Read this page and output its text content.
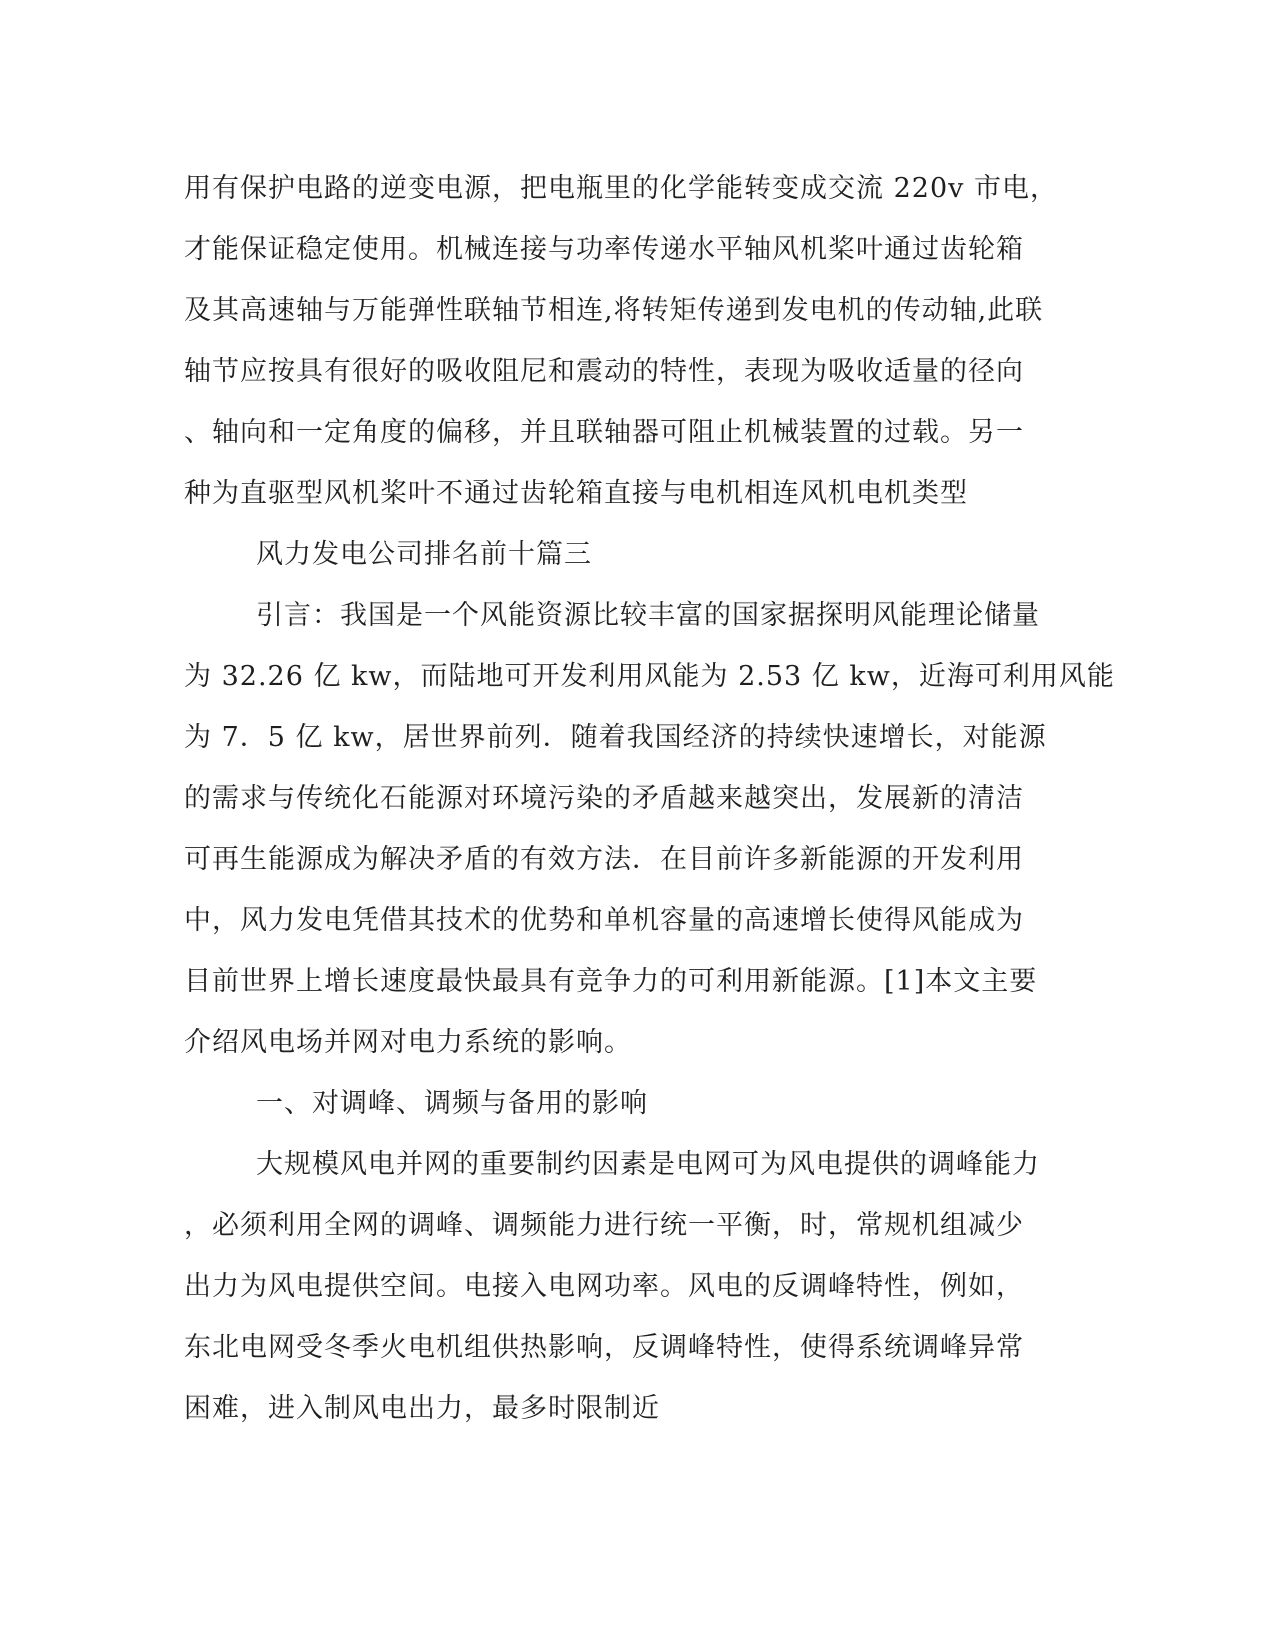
用有保护电路的逆变电源，把电瓶里的化学能转变成交流 220v 市电，
才能保证稳定使用。机械连接与功率传递水平轴风机桨叶通过齿轮箱
及其高速轴与万能弹性联轴节相连,将转矩传递到发电机的传动轴,此联
轴节应按具有很好的吸收阻尼和震动的特性，表现为吸收适量的径向
、轴向和一定角度的偏移，并且联轴器可阻止机械装置的过载。另一
种为直驱型风机桨叶不通过齿轮箱直接与电机相连风机电机类型
风力发电公司排名前十篇三
引言：我国是一个风能资源比较丰富的国家据探明风能理论储量
为 32.26 亿 kw，而陆地可开发利用风能为 2.53 亿 kw，近海可利用风能
为 7．5 亿 kw，居世界前列．随着我国经济的持续快速增长，对能源
的需求与传统化石能源对环境污染的矛盾越来越突出，发展新的清洁
可再生能源成为解决矛盾的有效方法．在目前许多新能源的开发利用
中，风力发电凭借其技术的优势和单机容量的高速增长使得风能成为
目前世界上增长速度最快最具有竞争力的可利用新能源。[1]本文主要
介绍风电场并网对电力系统的影响。
一、对调峰、调频与备用的影响
大规模风电并网的重要制约因素是电网可为风电提供的调峰能力
，必须利用全网的调峰、调频能力进行统一平衡，时，常规机组减少
出力为风电提供空间。电接入电网功率。风电的反调峰特性，例如，
东北电网受冬季火电机组供热影响，反调峰特性，使得系统调峰异常
困难，进入制风电出力，最多时限制近
